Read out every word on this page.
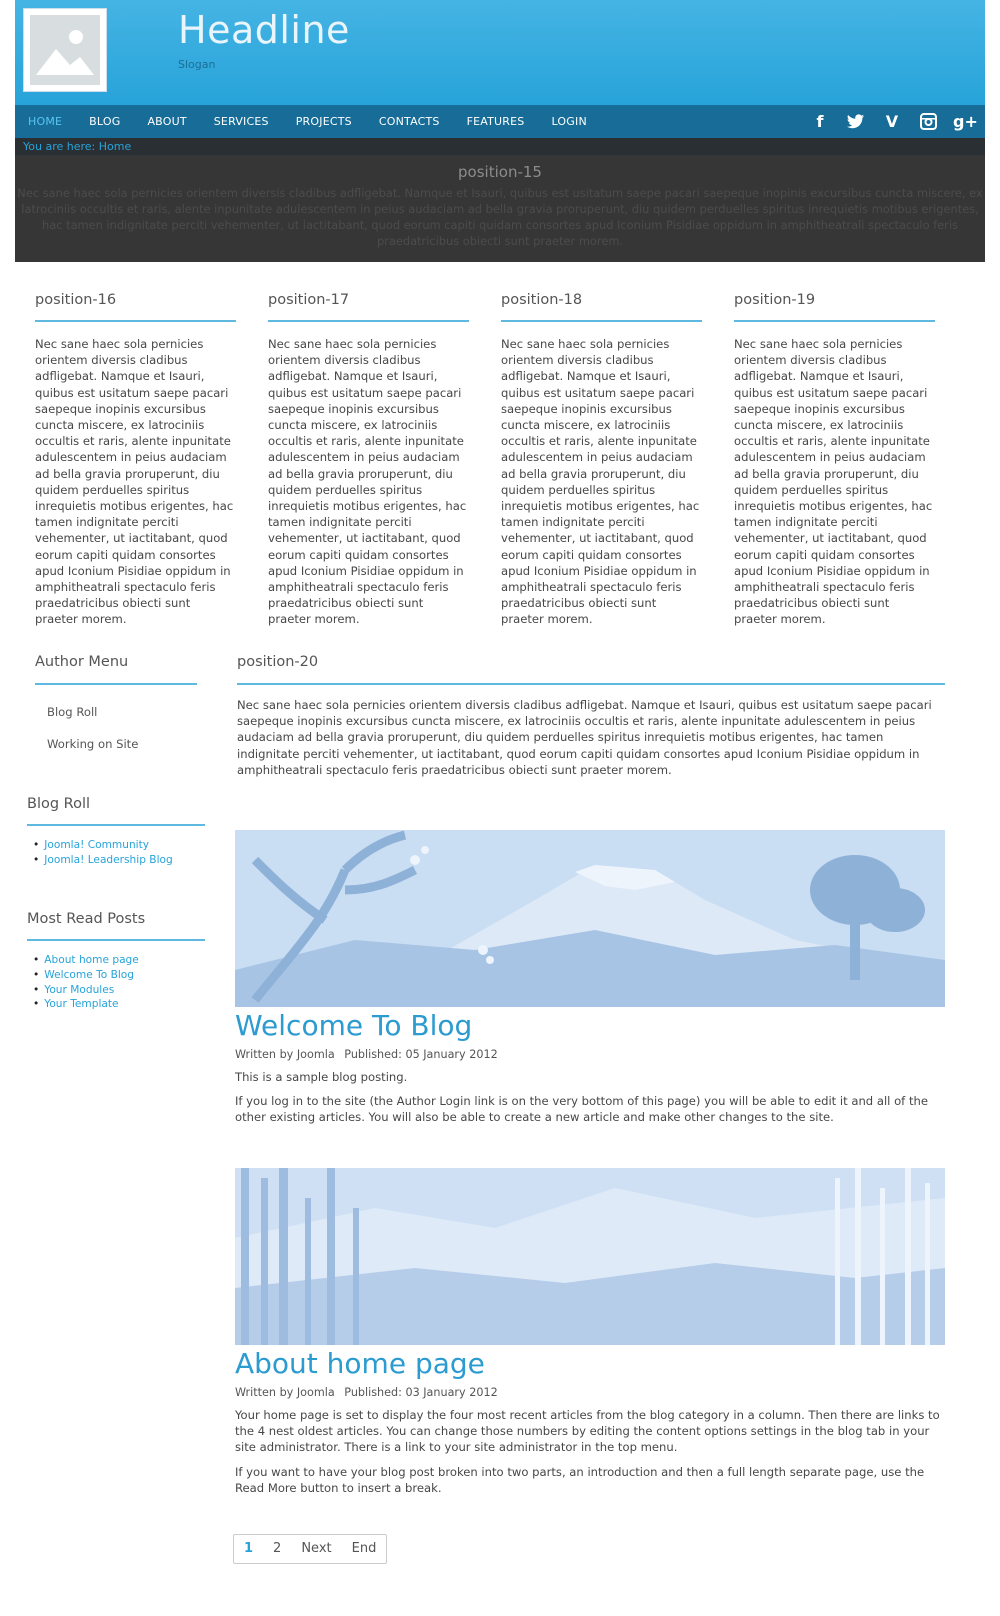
Headline
Slogan
HOME BLOG ABOUT SERVICES PROJECTS CONTACTS FEATURES LOGIN	f	V	g+
You are here: Home
position-15

Nec sane haec sola pernicies orientem diversis cladibus adfligebat. Namque et Isauri, quibus est usitatum saepe pacari saepeque inopinis excursibus cuncta miscere, ex latrociniis occultis et raris, alente inpunitate adulescentem in peius audaciam ad bella gravia proruperunt, diu quidem perduelles spiritus inrequietis motibus erigentes, hac tamen indignitate perciti vehementer, ut iactitabant, quod eorum capiti quidam consortes apud Iconium Pisidiae oppidum in amphitheatrali spectaculo feris praedatricibus obiecti sunt praeter morem.

position-16

Nec sane haec sola pernicies orientem diversis cladibus adfligebat. Namque et Isauri, quibus est usitatum saepe pacari saepeque inopinis excursibus cuncta miscere, ex latrociniis occultis et raris, alente inpunitate adulescentem in peius audaciam ad bella gravia proruperunt, diu quidem perduelles spiritus inrequietis motibus erigentes, hac tamen indignitate perciti vehementer, ut iactitabant, quod eorum capiti quidam consortes apud Iconium Pisidiae oppidum in amphitheatrali spectaculo feris praedatricibus obiecti sunt praeter morem.

position-17

Nec sane haec sola pernicies orientem diversis cladibus adfligebat. Namque et Isauri, quibus est usitatum saepe pacari saepeque inopinis excursibus cuncta miscere, ex latrociniis occultis et raris, alente inpunitate adulescentem in peius audaciam ad bella gravia proruperunt, diu quidem perduelles spiritus inrequietis motibus erigentes, hac tamen indignitate perciti vehementer, ut iactitabant, quod eorum capiti quidam consortes apud Iconium Pisidiae oppidum in amphitheatrali spectaculo feris praedatricibus obiecti sunt praeter morem.

position-18

Nec sane haec sola pernicies orientem diversis cladibus adfligebat. Namque et Isauri, quibus est usitatum saepe pacari saepeque inopinis excursibus cuncta miscere, ex latrociniis occultis et raris, alente inpunitate adulescentem in peius audaciam ad bella gravia proruperunt, diu quidem perduelles spiritus inrequietis motibus erigentes, hac tamen indignitate perciti vehementer, ut iactitabant, quod eorum capiti quidam consortes apud Iconium Pisidiae oppidum in amphitheatrali spectaculo feris praedatricibus obiecti sunt praeter morem.

position-19

Nec sane haec sola pernicies orientem diversis cladibus adfligebat. Namque et Isauri, quibus est usitatum saepe pacari saepeque inopinis excursibus cuncta miscere, ex latrociniis occultis et raris, alente inpunitate adulescentem in peius audaciam ad bella gravia proruperunt, diu quidem perduelles spiritus inrequietis motibus erigentes, hac tamen indignitate perciti vehementer, ut iactitabant, quod eorum capiti quidam consortes apud Iconium Pisidiae oppidum in amphitheatrali spectaculo feris praedatricibus obiecti sunt praeter morem.

Author Menu
Blog Roll
Working on Site
Blog Roll
• Joomla! Community
• Joomla! Leadership Blog
Most Read Posts
• About home page
• Welcome To Blog
• Your Modules
• Your Template
position-20

Nec sane haec sola pernicies orientem diversis cladibus adfligebat. Namque et Isauri, quibus est usitatum saepe pacari saepeque inopinis excursibus cuncta miscere, ex latrociniis occultis et raris, alente inpunitate adulescentem in peius audaciam ad bella gravia proruperunt, diu quidem perduelles spiritus inrequietis motibus erigentes, hac tamen indignitate perciti vehementer, ut iactitabant, quod eorum capiti quidam consortes apud Iconium Pisidiae oppidum in amphitheatrali spectaculo feris praedatricibus obiecti sunt praeter morem.

Welcome To Blog
Written by Joomla Published: 05 January 2012

This is a sample blog posting.

If you log in to the site (the Author Login link is on the very bottom of this page) you will be able to edit it and all of the other existing articles. You will also be able to create a new article and make other changes to the site.

About home page
Written by Joomla Published: 03 January 2012

Your home page is set to display the four most recent articles from the blog category in a column. Then there are links to the 4 nest oldest articles. You can change those numbers by editing the content options settings in the blog tab in your site administrator. There is a link to your site administrator in the top menu.

If you want to have your blog post broken into two parts, an introduction and then a full length separate page, use the Read More button to insert a break.

1	2	Next	End
